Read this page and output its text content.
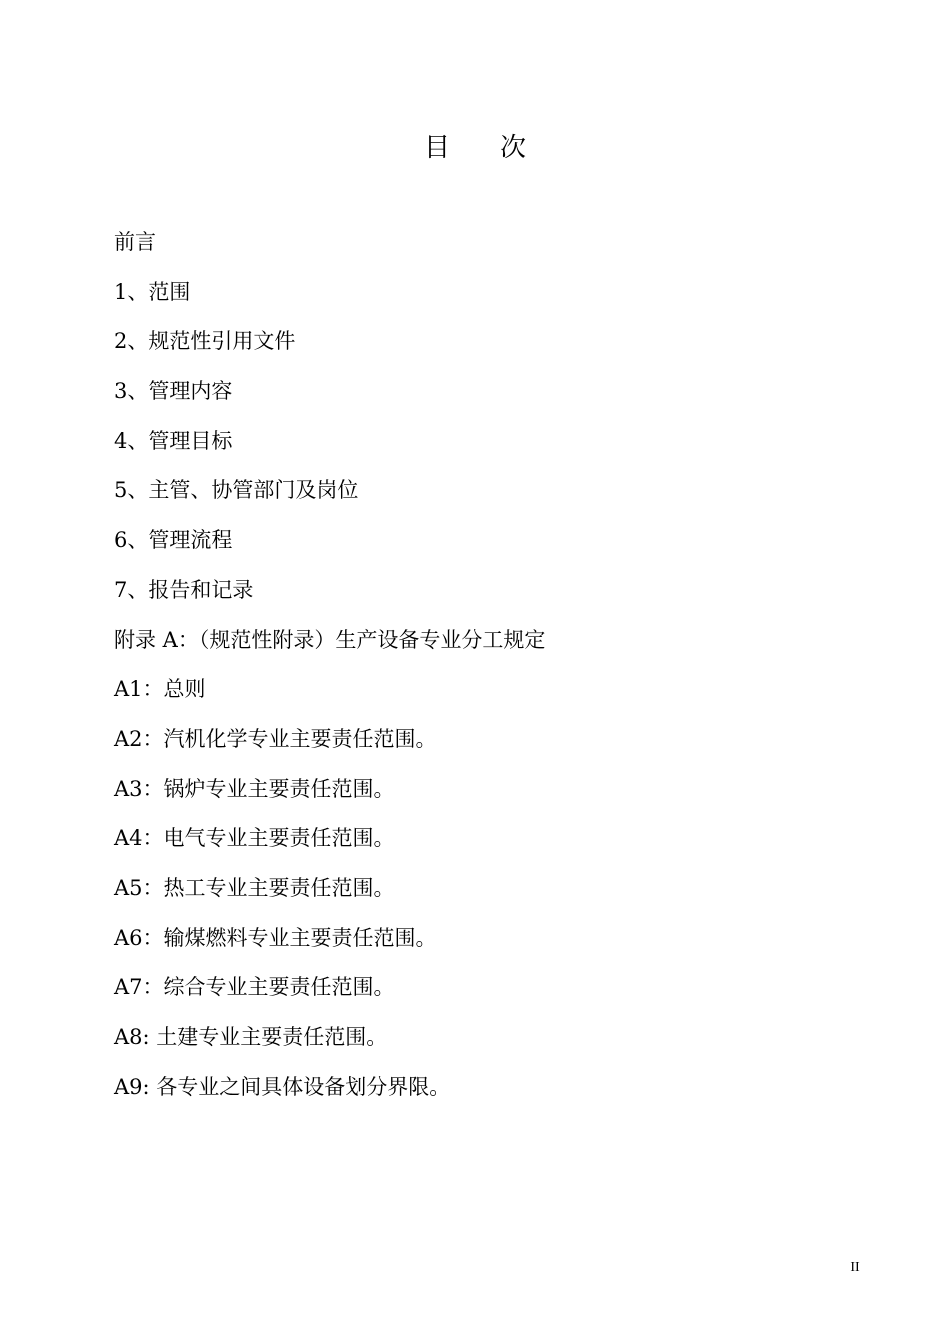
目 次
前言
1、范围
2、规范性引用文件
3、管理内容
4、管理目标
5、主管、协管部门及岗位
6、管理流程
7、报告和记录
附录 A：（规范性附录）生产设备专业分工规定
A1：总则
A2：汽机化学专业主要责任范围。
A3：锅炉专业主要责任范围。
A4：电气专业主要责任范围。
A5：热工专业主要责任范围。
A6：输煤燃料专业主要责任范围。
A7：综合专业主要责任范围。
A8: 土建专业主要责任范围。
A9: 各专业之间具体设备划分界限。
II
